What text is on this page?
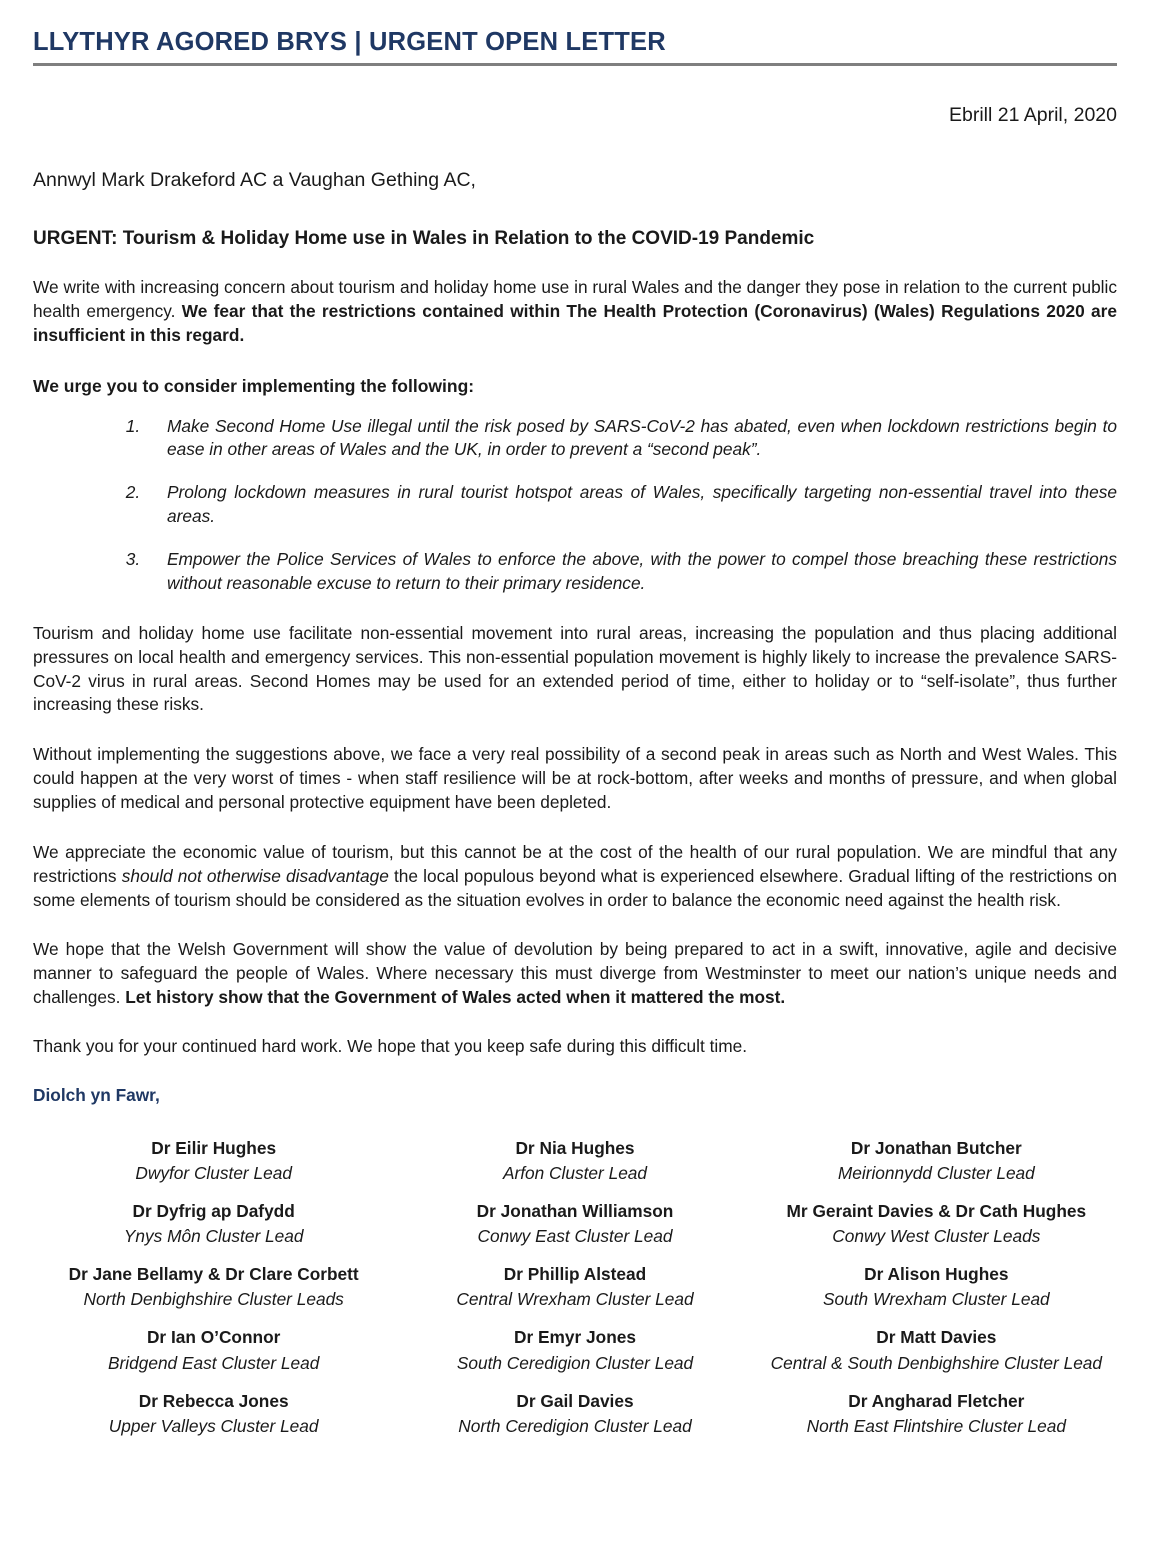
LLYTHYR AGORED BRYS | URGENT OPEN LETTER
Ebrill 21 April, 2020
Annwyl Mark Drakeford AC a Vaughan Gething AC,
URGENT: Tourism & Holiday Home use in Wales in Relation to the COVID-19 Pandemic

We write with increasing concern about tourism and holiday home use in rural Wales and the danger they pose in relation to the current public health emergency. We fear that the restrictions contained within The Health Protection (Coronavirus) (Wales) Regulations 2020 are insufficient in this regard.

We urge you to consider implementing the following:
1. Make Second Home Use illegal until the risk posed by SARS-CoV-2 has abated, even when lockdown restrictions begin to ease in other areas of Wales and the UK, in order to prevent a “second peak”.
2. Prolong lockdown measures in rural tourist hotspot areas of Wales, specifically targeting non-essential travel into these areas.
3. Empower the Police Services of Wales to enforce the above, with the power to compel those breaching these restrictions without reasonable excuse to return to their primary residence.

Tourism and holiday home use facilitate non-essential movement into rural areas, increasing the population and thus placing additional pressures on local health and emergency services. This non-essential population movement is highly likely to increase the prevalence SARS-CoV-2 virus in rural areas. Second Homes may be used for an extended period of time, either to holiday or to “self-isolate”, thus further increasing these risks.

Without implementing the suggestions above, we face a very real possibility of a second peak in areas such as North and West Wales. This could happen at the very worst of times - when staff resilience will be at rock-bottom, after weeks and months of pressure, and when global supplies of medical and personal protective equipment have been depleted.

We appreciate the economic value of tourism, but this cannot be at the cost of the health of our rural population. We are mindful that any restrictions should not otherwise disadvantage the local populous beyond what is experienced elsewhere. Gradual lifting of the restrictions on some elements of tourism should be considered as the situation evolves in order to balance the economic need against the health risk.

We hope that the Welsh Government will show the value of devolution by being prepared to act in a swift, innovative, agile and decisive manner to safeguard the people of Wales. Where necessary this must diverge from Westminster to meet our nation’s unique needs and challenges. Let history show that the Government of Wales acted when it mattered the most.

Thank you for your continued hard work. We hope that you keep safe during this difficult time.

Diolch yn Fawr,
Dr Eilir Hughes
Dwyfor Cluster Lead

Dr Nia Hughes
Arfon Cluster Lead

Dr Jonathan Butcher
Meirionnydd Cluster Lead

Dr Dyfrig ap Dafydd
Ynys Môn Cluster Lead

Dr Jonathan Williamson
Conwy East Cluster Lead

Mr Geraint Davies & Dr Cath Hughes
Conwy West Cluster Leads

Dr Jane Bellamy & Dr Clare Corbett
North Denbighshire Cluster Leads

Dr Phillip Alstead
Central Wrexham Cluster Lead

Dr Alison Hughes
South Wrexham Cluster Lead

Dr Ian O’Connor
Bridgend East Cluster Lead

Dr Emyr Jones
South Ceredigion Cluster Lead

Dr Matt Davies
Central & South Denbighshire Cluster Lead

Dr Rebecca Jones
Upper Valleys Cluster Lead

Dr Gail Davies
North Ceredigion Cluster Lead

Dr Angharad Fletcher
North East Flintshire Cluster Lead
